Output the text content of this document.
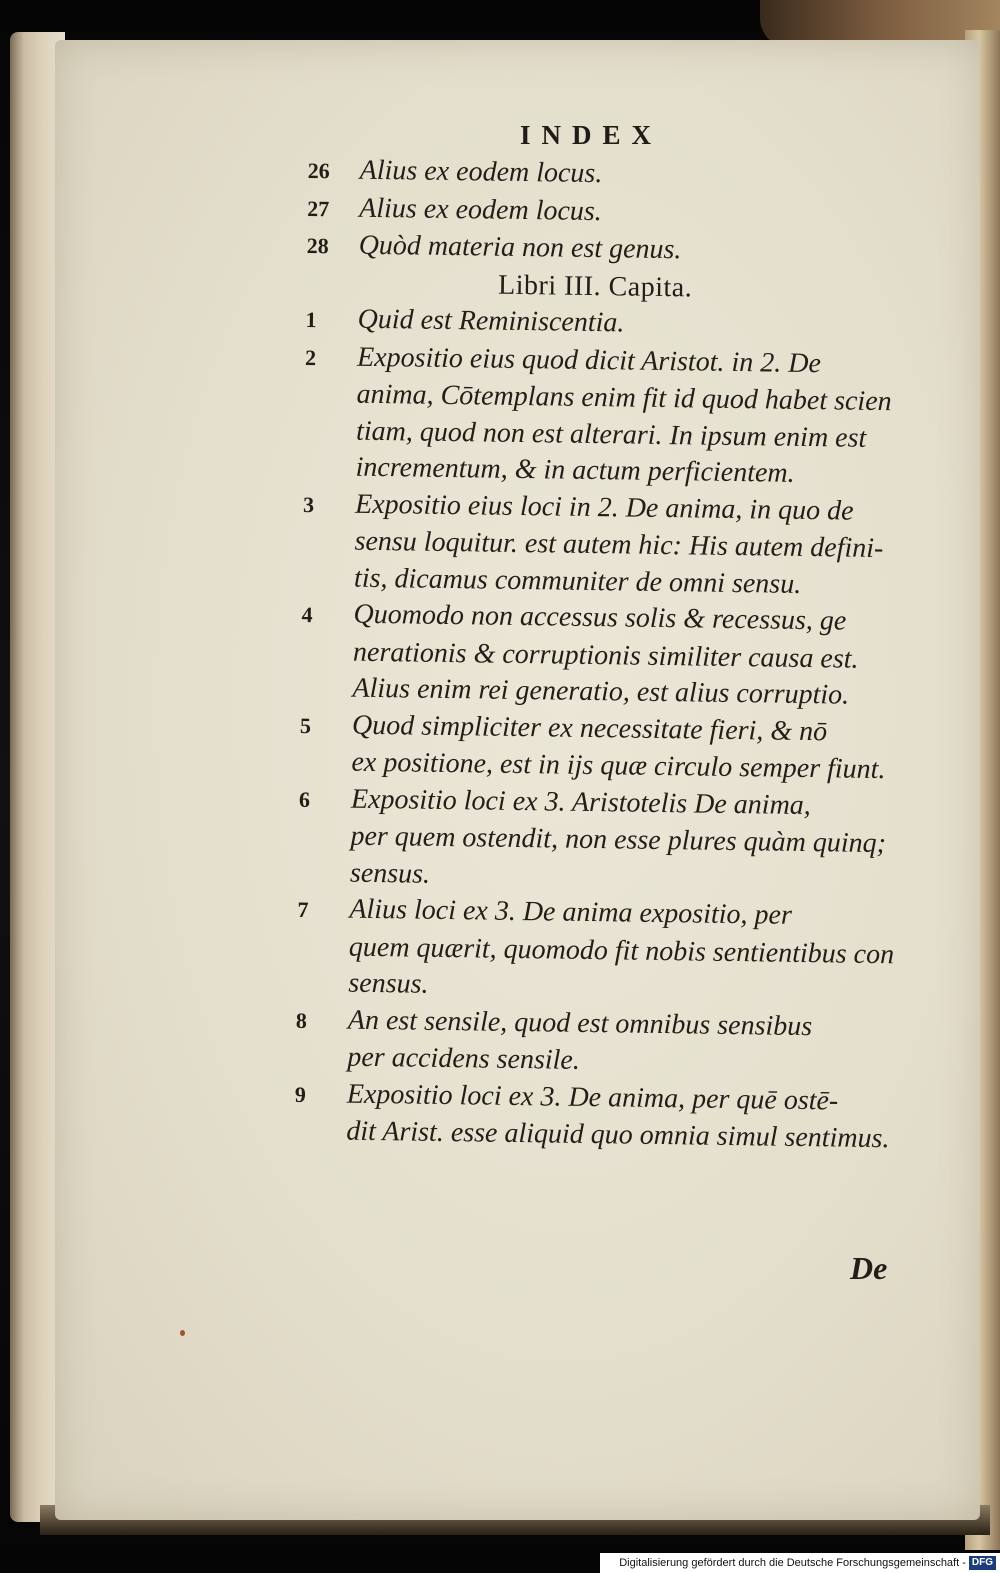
INDEX
26 Alius ex eodem locus.
27 Alius ex eodem locus.
28 Quòd materia non est genus.
Libri III. Capita.
1 Quid est Reminiscentia.
2 Expositio eius quod dicit Aristot. in 2. De
anima, Cōtemplans enim fit id quod habet scien
tiam, quod non est alterari. In ipsum enim est
incrementum, & in actum perficientem.
3 Expositio eius loci in 2. De anima, in quo de
sensu loquitur. est autem hic: His autem defini-
tis, dicamus communiter de omni sensu.
4 Quomodo non accessus solis & recessus, ge
nerationis & corruptionis similiter causa est.
Alius enim rei generatio, est alius corruptio.
5 Quod simpliciter ex necessitate fieri, & nō
ex positione, est in ijs quæ circulo semper fiunt.
6 Expositio loci ex 3. Aristotelis De anima,
per quem ostendit, non esse plures quàm quinq;
sensus.
7 Alius loci ex 3. De anima expositio, per
quem quærit, quomodo fit nobis sentientibus con
sensus.
8 An est sensile, quod est omnibus sensibus
per accidens sensile.
9 Expositio loci ex 3. De anima, per quē ostē-
dit Arist. esse aliquid quo omnia simul sentimus.
De
Digitalisierung gefördert durch die Deutsche Forschungsgemeinschaft - DFG
